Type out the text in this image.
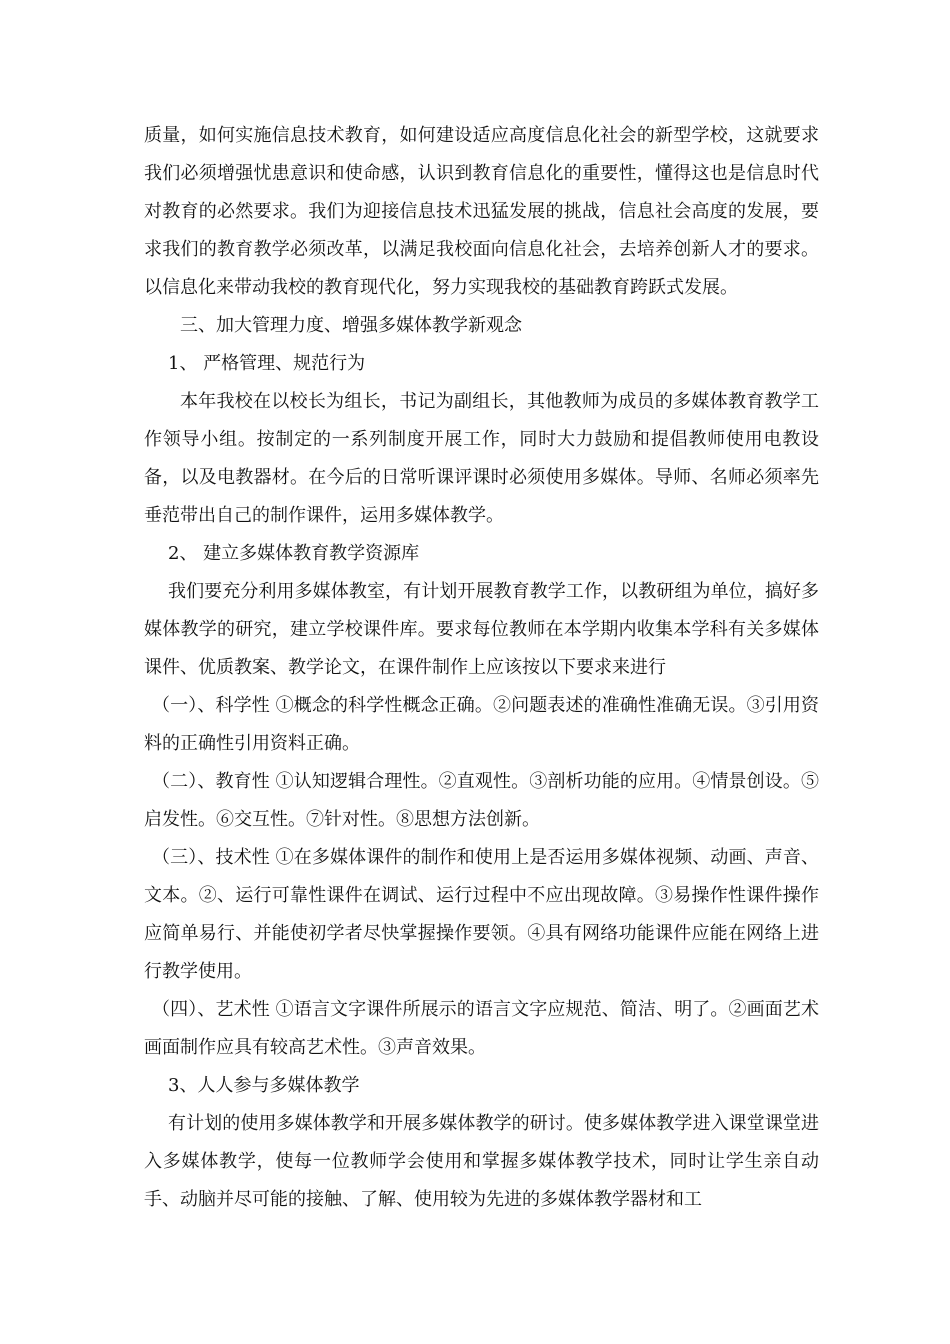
质量，如何实施信息技术教育，如何建设适应高度信息化社会的新型学校，这就要求我们必须增强忧患意识和使命感，认识到教育信息化的重要性，懂得这也是信息时代对教育的必然要求。我们为迎接信息技术迅猛发展的挑战，信息社会高度的发展，要求我们的教育教学必须改革，以满足我校面向信息化社会，去培养创新人才的要求。以信息化来带动我校的教育现代化，努力实现我校的基础教育跨跃式发展。

三、加大管理力度、增强多媒体教学新观念

1、 严格管理、规范行为

本年我校在以校长为组长，书记为副组长，其他教师为成员的多媒体教育教学工作领导小组。按制定的一系列制度开展工作，同时大力鼓励和提倡教师使用电教设备，以及电教器材。在今后的日常听课评课时必须使用多媒体。导师、名师必须率先垂范带出自己的制作课件，运用多媒体教学。

2、 建立多媒体教育教学资源库

我们要充分利用多媒体教室，有计划开展教育教学工作，以教研组为单位，搞好多媒体教学的研究，建立学校课件库。要求每位教师在本学期内收集本学科有关多媒体课件、优质教案、教学论文，在课件制作上应该按以下要求来进行

（一）、科学性 ①概念的科学性概念正确。②问题表述的准确性准确无误。③引用资料的正确性引用资料正确。

（二）、教育性 ①认知逻辑合理性。②直观性。③剖析功能的应用。④情景创设。⑤启发性。⑥交互性。⑦针对性。⑧思想方法创新。

（三）、技术性 ①在多媒体课件的制作和使用上是否运用多媒体视频、动画、声音、文本。②、运行可靠性课件在调试、运行过程中不应出现故障。③易操作性课件操作应简单易行、并能使初学者尽快掌握操作要领。④具有网络功能课件应能在网络上进行教学使用。

（四）、艺术性 ①语言文字课件所展示的语言文字应规范、简洁、明了。②画面艺术画面制作应具有较高艺术性。③声音效果。

3、人人参与多媒体教学

有计划的使用多媒体教学和开展多媒体教学的研讨。使多媒体教学进入课堂课堂进入多媒体教学，使每一位教师学会使用和掌握多媒体教学技术，同时让学生亲自动手、动脑并尽可能的接触、了解、使用较为先进的多媒体教学器材和工
